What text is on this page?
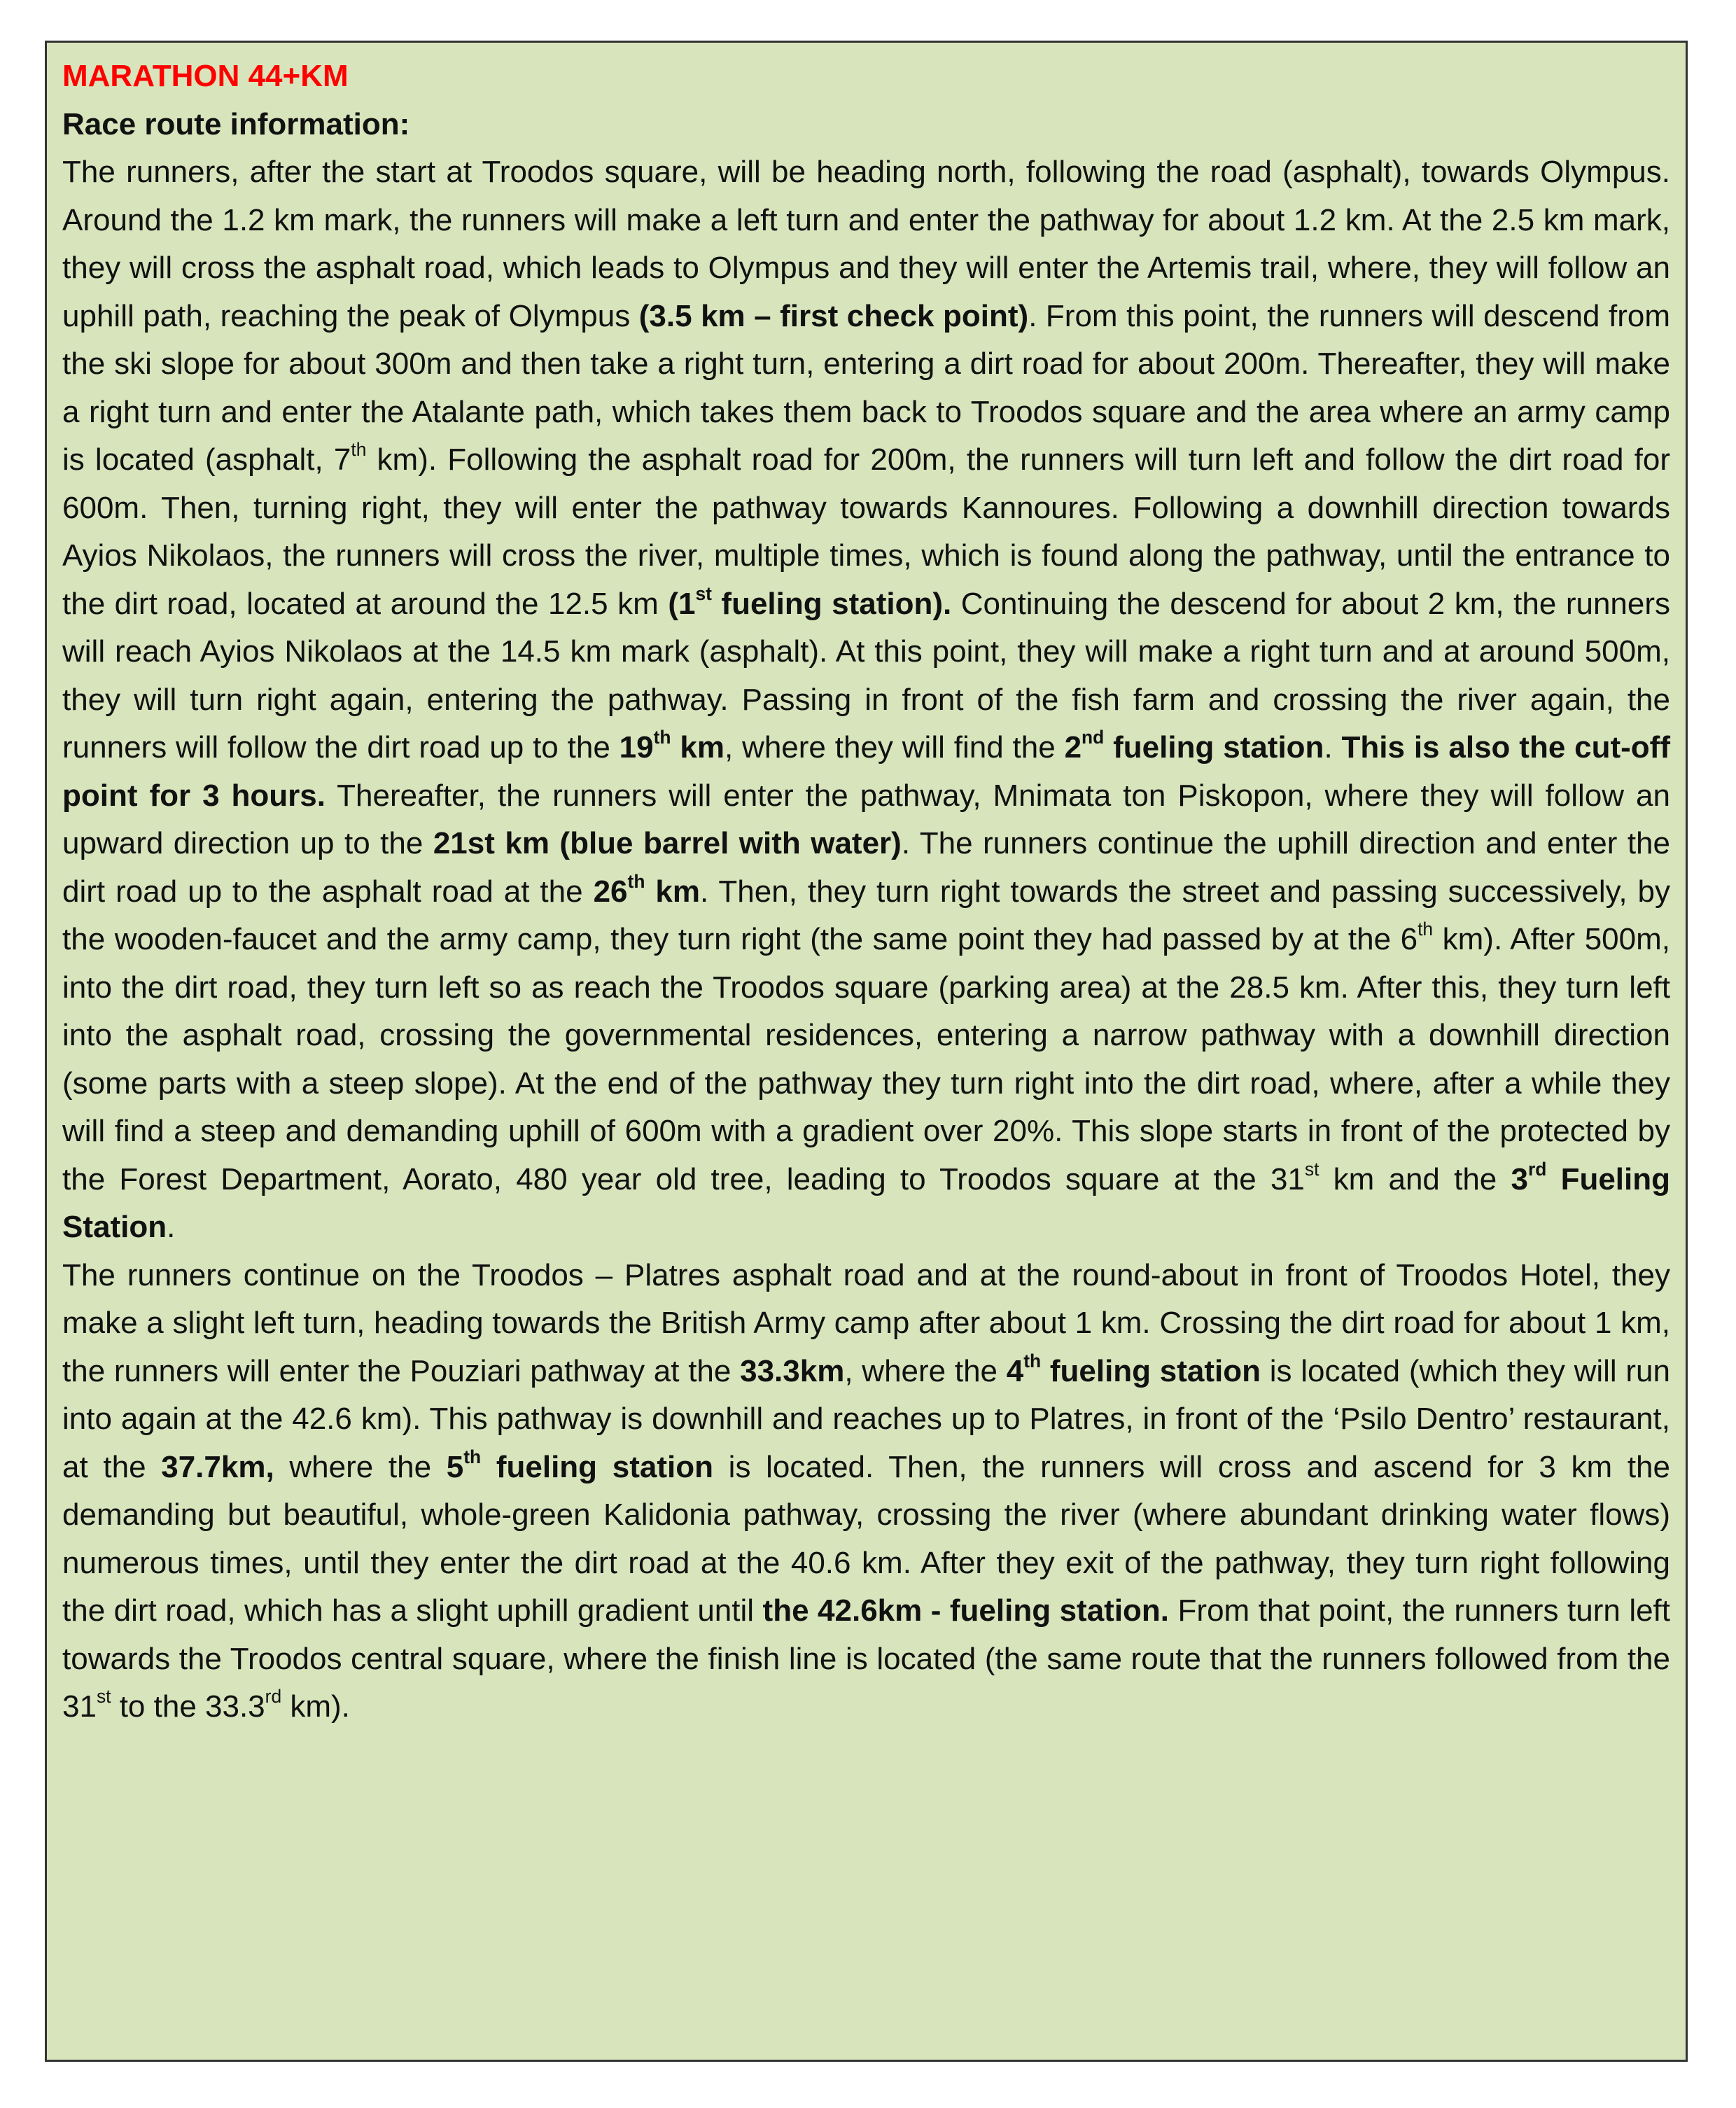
MARATHON 44+KM
Race route information:

The runners, after the start at Troodos square, will be heading north, following the road (asphalt), towards Olympus. Around the 1.2 km mark, the runners will make a left turn and enter the pathway for about 1.2 km. At the 2.5 km mark, they will cross the asphalt road, which leads to Olympus and they will enter the Artemis trail, where, they will follow an uphill path, reaching the peak of Olympus (3.5 km – first check point). From this point, the runners will descend from the ski slope for about 300m and then take a right turn, entering a dirt road for about 200m. Thereafter, they will make a right turn and enter the Atalante path, which takes them back to Troodos square and the area where an army camp is located (asphalt, 7th km). Following the asphalt road for 200m, the runners will turn left and follow the dirt road for 600m. Then, turning right, they will enter the pathway towards Kannoures. Following a downhill direction towards Ayios Nikolaos, the runners will cross the river, multiple times, which is found along the pathway, until the entrance to the dirt road, located at around the 12.5 km (1st fueling station). Continuing the descend for about 2 km, the runners will reach Ayios Nikolaos at the 14.5 km mark (asphalt). At this point, they will make a right turn and at around 500m, they will turn right again, entering the pathway. Passing in front of the fish farm and crossing the river again, the runners will follow the dirt road up to the 19th km, where they will find the 2nd fueling station. This is also the cut-off point for 3 hours. Thereafter, the runners will enter the pathway, Mnimata ton Piskopon, where they will follow an upward direction up to the 21st km (blue barrel with water). The runners continue the uphill direction and enter the dirt road up to the asphalt road at the 26th km. Then, they turn right towards the street and passing successively, by the wooden-faucet and the army camp, they turn right (the same point they had passed by at the 6th km). After 500m, into the dirt road, they turn left so as reach the Troodos square (parking area) at the 28.5 km. After this, they turn left into the asphalt road, crossing the governmental residences, entering a narrow pathway with a downhill direction (some parts with a steep slope). At the end of the pathway they turn right into the dirt road, where, after a while they will find a steep and demanding uphill of 600m with a gradient over 20%. This slope starts in front of the protected by the Forest Department, Aorato, 480 year old tree, leading to Troodos square at the 31st km and the 3rd Fueling Station.

The runners continue on the Troodos – Platres asphalt road and at the round-about in front of Troodos Hotel, they make a slight left turn, heading towards the British Army camp after about 1 km. Crossing the dirt road for about 1 km, the runners will enter the Pouziari pathway at the 33.3km, where the 4th fueling station is located (which they will run into again at the 42.6 km). This pathway is downhill and reaches up to Platres, in front of the ‘Psilo Dentro’ restaurant, at the 37.7km, where the 5th fueling station is located. Then, the runners will cross and ascend for 3 km the demanding but beautiful, whole-green Kalidonia pathway, crossing the river (where abundant drinking water flows) numerous times, until they enter the dirt road at the 40.6 km. After they exit of the pathway, they turn right following the dirt road, which has a slight uphill gradient until the 42.6km - fueling station. From that point, the runners turn left towards the Troodos central square, where the finish line is located (the same route that the runners followed from the 31st to the 33.3rd km).
